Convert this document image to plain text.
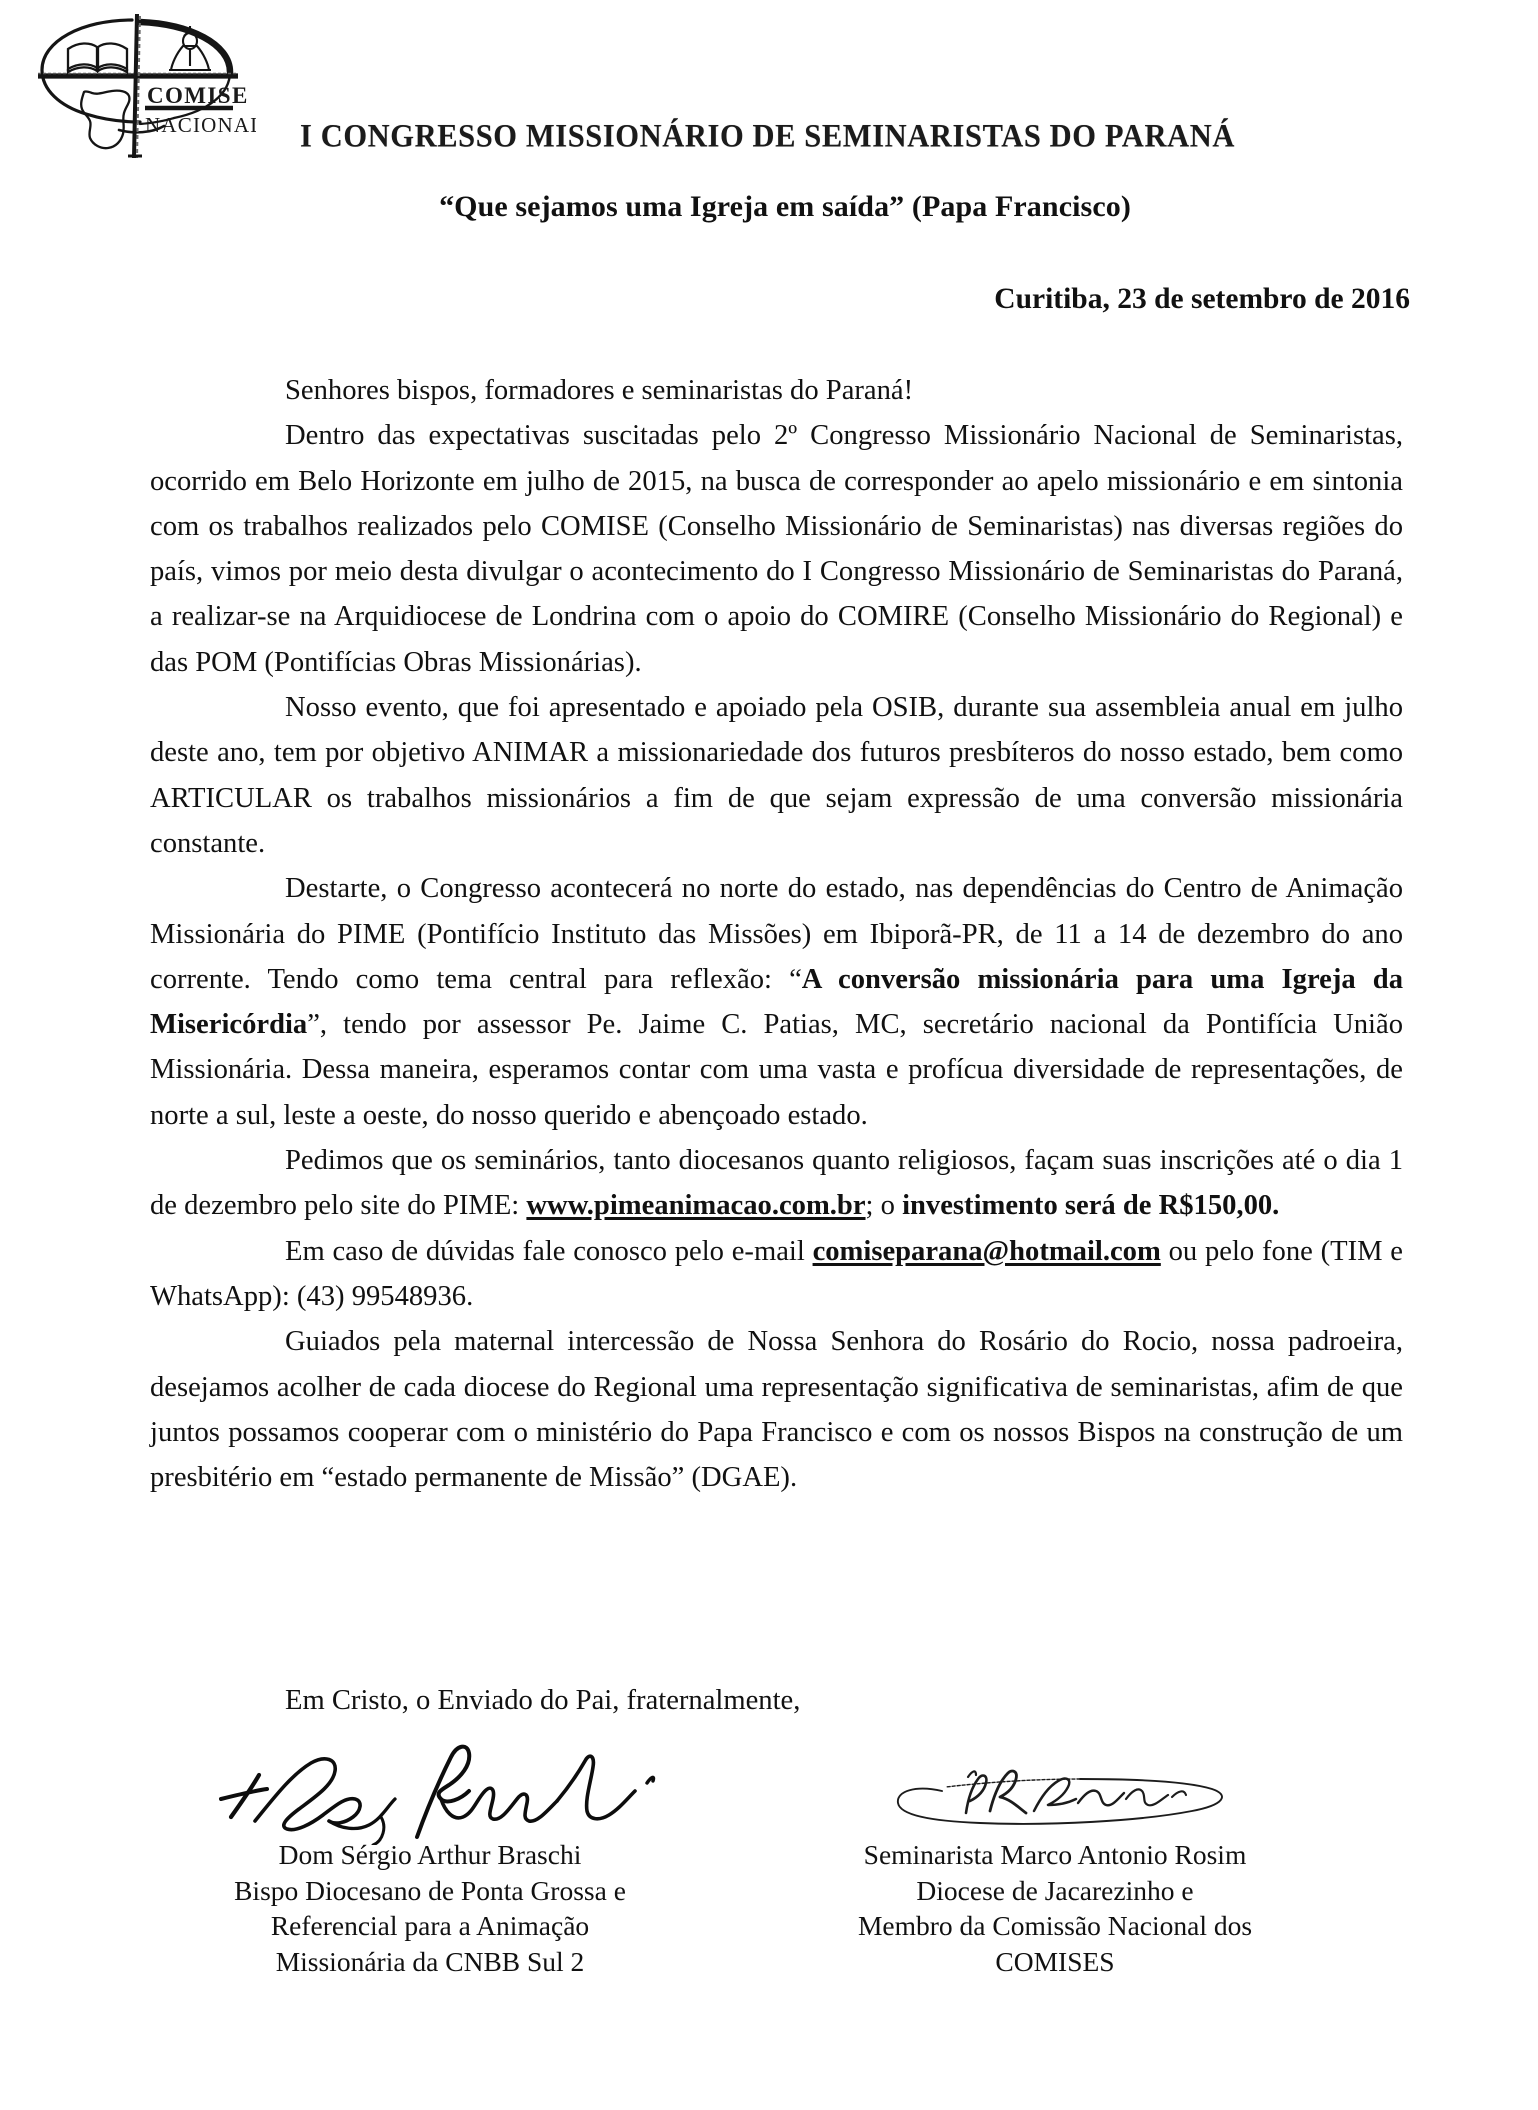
COMISE
NACIONAL I CONGRESSO MISSIONÁRIO DE SEMINARISTAS DO PARANÁ
“Que sejamos uma Igreja em saída” (Papa Francisco)
Curitiba, 23 de setembro de 2016

Senhores bispos, formadores e seminaristas do Paraná!

Dentro das expectativas suscitadas pelo 2º Congresso Missionário Nacional de Seminaristas, ocorrido em Belo Horizonte em julho de 2015, na busca de corresponder ao apelo missionário e em sintonia com os trabalhos realizados pelo COMISE (Conselho Missionário de Seminaristas) nas diversas regiões do país, vimos por meio desta divulgar o acontecimento do I Congresso Missionário de Seminaristas do Paraná, a realizar-se na Arquidiocese de Londrina com o apoio do COMIRE (Conselho Missionário do Regional) e das POM (Pontifícias Obras Missionárias).

Nosso evento, que foi apresentado e apoiado pela OSIB, durante sua assembleia anual em julho deste ano, tem por objetivo ANIMAR a missionariedade dos futuros presbíteros do nosso estado, bem como ARTICULAR os trabalhos missionários a fim de que sejam expressão de uma conversão missionária constante.

Destarte, o Congresso acontecerá no norte do estado, nas dependências do Centro de Animação Missionária do PIME (Pontifício Instituto das Missões) em Ibiporã-PR, de 11 a 14 de dezembro do ano corrente. Tendo como tema central para reflexão: “A conversão missionária para uma Igreja da Misericórdia”, tendo por assessor Pe. Jaime C. Patias, MC, secretário nacional da Pontifícia União Missionária. Dessa maneira, esperamos contar com uma vasta e profícua diversidade de representações, de norte a sul, leste a oeste, do nosso querido e abençoado estado.

Pedimos que os seminários, tanto diocesanos quanto religiosos, façam suas inscrições até o dia 1 de dezembro pelo site do PIME: www.pimeanimacao.com.br; o investimento será de R$150,00.

Em caso de dúvidas fale conosco pelo e-mail comiseparana@hotmail.com ou pelo fone (TIM e WhatsApp): (43) 99548936.

Guiados pela maternal intercessão de Nossa Senhora do Rosário do Rocio, nossa padroeira, desejamos acolher de cada diocese do Regional uma representação significativa de seminaristas, afim de que juntos possamos cooperar com o ministério do Papa Francisco e com os nossos Bispos na construção de um presbitério em “estado permanente de Missão” (DGAE).

Em Cristo, o Enviado do Pai, fraternalmente,
Dom Sérgio Arthur Braschi
Bispo Diocesano de Ponta Grossa e
Referencial para a Animação
Missionária da CNBB Sul 2
Seminarista Marco Antonio Rosim
Diocese de Jacarezinho e
Membro da Comissão Nacional dos
COMISES
